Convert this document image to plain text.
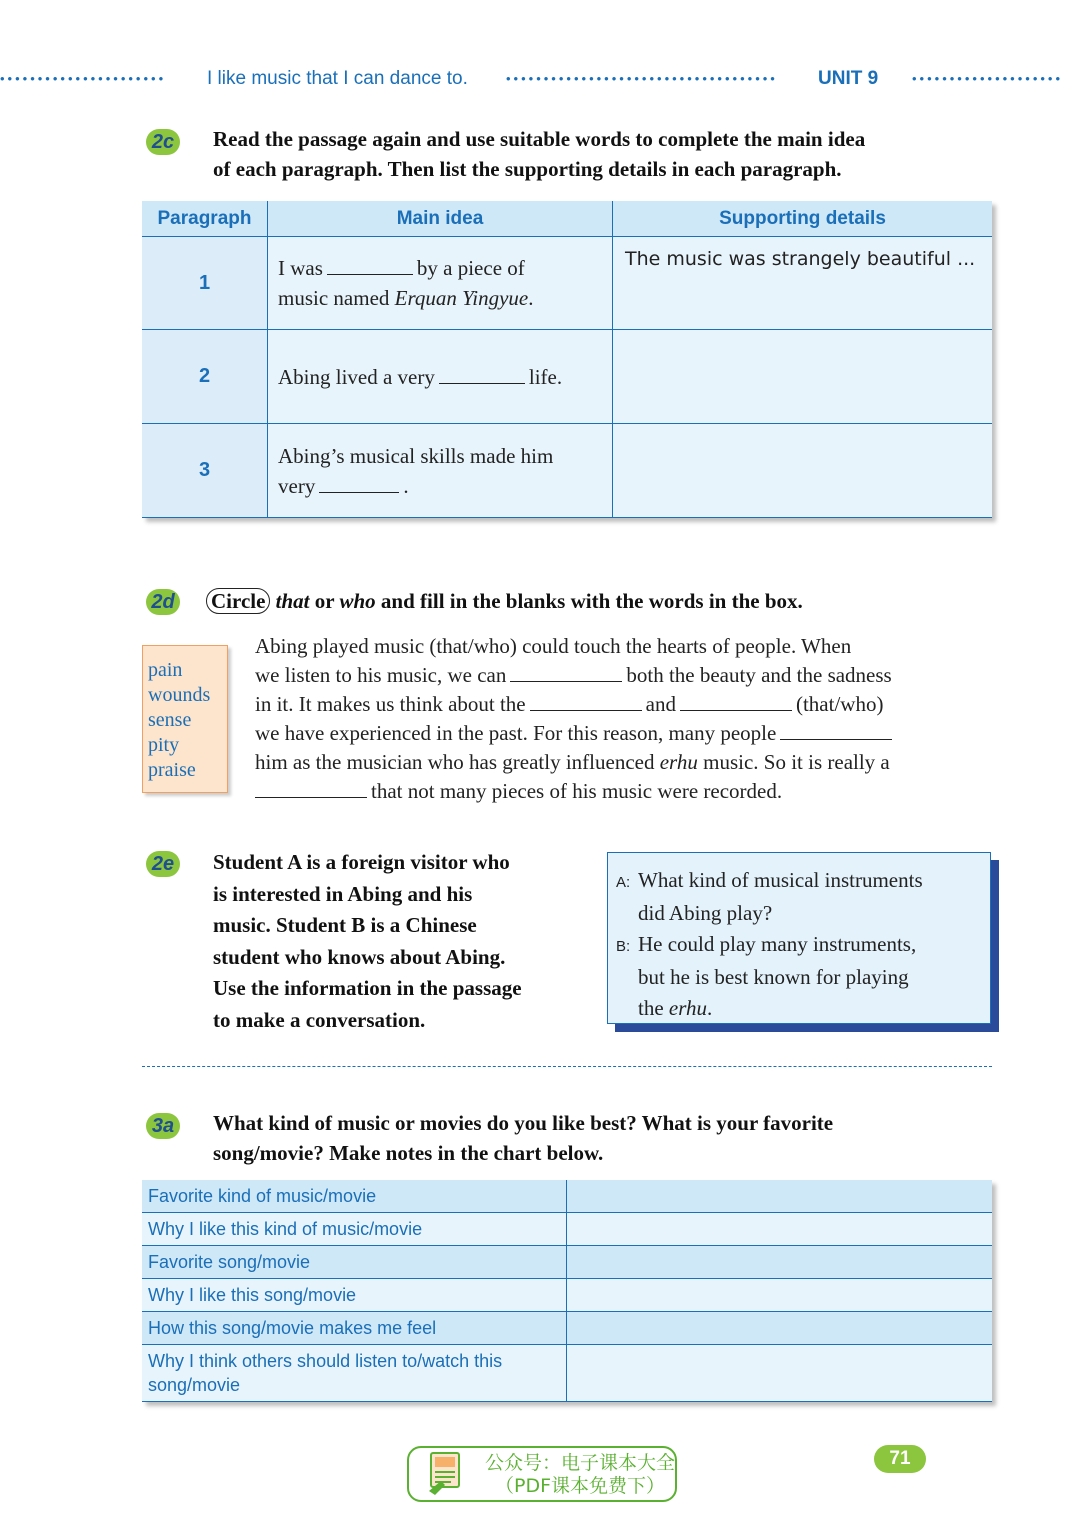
••••••••••••••••••••••	I like music that I can dance to.	••••••••••••••••••••••••••••••••••••	UNIT 9	••••••••••••••••••••
2c Read the passage again and use suitable words to complete the main idea
of each paragraph. Then list the supporting details in each paragraph.
Paragraph	Main idea	Supporting details
1	I was by a piece of
music named Erquan Yingyue.	The music was strangely beautiful ...
2	Abing lived a very life.	
3	Abing’s musical skills made him
very .	
2d Circle that or who and fill in the blanks with the words in the box.
pain
wounds
sense
pity
praise
Abing played music (that/who) could touch the hearts of people. When
we listen to his music, we can	both the beauty and the sadness
in it. It makes us think about the	and	(that/who)
we have experienced in the past. For this reason, many people
him as the musician who has greatly influenced erhu music. So it is really a
that not many pieces of his music were recorded.
2e Student A is a foreign visitor who
is interested in Abing and his
music. Student B is a Chinese
student who knows about Abing.
Use the information in the passage
to make a conversation.
A: What kind of musical instruments
did Abing play?
B: He could play many instruments,
but he is best known for playing
the erhu.
3a What kind of music or movies do you like best? What is your favorite
song/movie? Make notes in the chart below.
Favorite kind of music/movie	
Why I like this kind of music/movie	
Favorite song/movie	
Why I like this song/movie	
How this song/movie makes me feel	
Why I think others should listen to/watch this song/movie	
公众号：电子课本大全
（PDF课本免费下）
71
